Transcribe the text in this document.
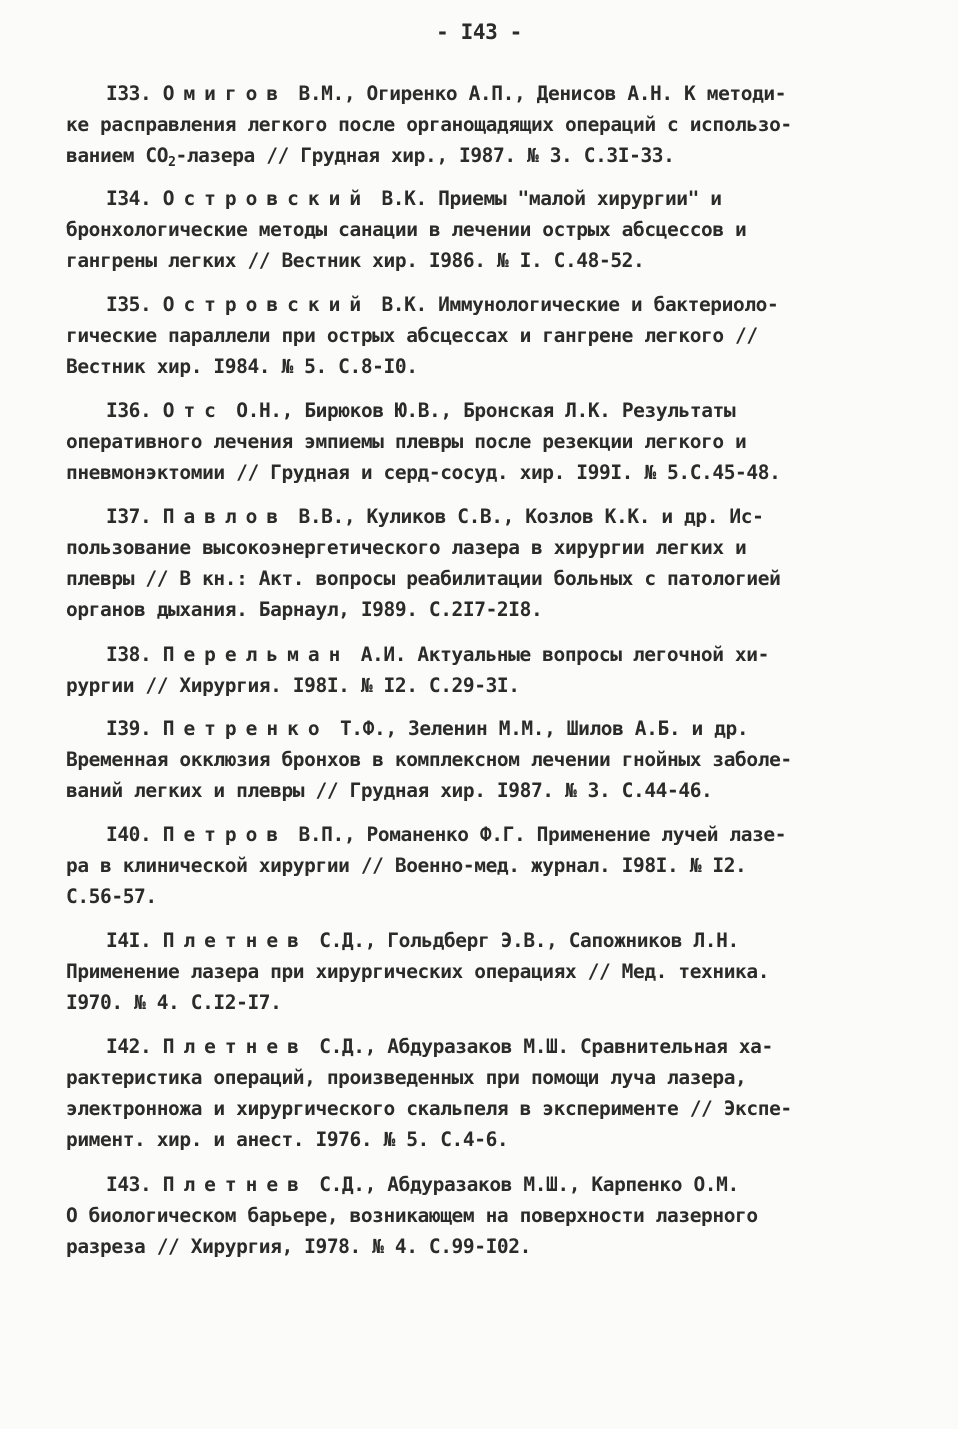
- I43 -
I33. Омигов В.М., Огиренко А.П., Денисов А.Н. К методи-
ке расправления легкого после органощадящих операций с использо-
ванием $СО_2$-лазера // Грудная хир., I987. № 3. С.3I-33.
I34. Островский В.К. Приемы "малой хирургии" и
бронхологические методы санации в лечении острых абсцессов и
гангрены легких // Вестник хир. I986. № I. С.48-52.
I35. Островский В.К. Иммунологические и бактериоло-
гические параллели при острых абсцессах и гангрене легкого //
Вестник хир. I984. № 5. С.8-I0.
I36. Отс О.Н., Бирюков Ю.В., Бронская Л.К. Результаты
оперативного лечения эмпиемы плевры после резекции легкого и
пневмонэктомии // Грудная и серд-сосуд. хир. I99I. № 5.С.45-48.
I37. Павлов В.В., Куликов С.В., Козлов К.К. и др. Ис-
пользование высокоэнергетического лазера в хирургии легких и
плевры // В кн.: Акт. вопросы реабилитации больных с патологией
органов дыхания. Барнаул, I989. С.2I7-2I8.
I38. Перельман А.И. Актуальные вопросы легочной хи-
рургии // Хирургия. I98I. № I2. С.29-3I.
I39. Петренко Т.Ф., Зеленин М.М., Шилов А.Б. и др.
Временная окклюзия бронхов в комплексном лечении гнойных заболе-
ваний легких и плевры // Грудная хир. I987. № 3. С.44-46.
I40. Петров В.П., Романенко Ф.Г. Применение лучей лазе-
ра в клинической хирургии // Военно-мед. журнал. I98I. № I2.
С.56-57.
I4I. Плетнев С.Д., Гольдберг Э.В., Сапожников Л.Н.
Применение лазера при хирургических операциях // Мед. техника.
I970. № 4. С.I2-I7.
I42. Плетнев С.Д., Абдуразаков М.Ш. Сравнительная ха-
рактеристика операций, произведенных при помощи луча лазера,
электронножа и хирургического скальпеля в эксперименте // Экспе-
римент. хир. и анест. I976. № 5. С.4-6.
I43. Плетнев С.Д., Абдуразаков М.Ш., Карпенко О.М.
О биологическом барьере, возникающем на поверхности лазерного
разреза // Хирургия, I978. № 4. С.99-I02.
